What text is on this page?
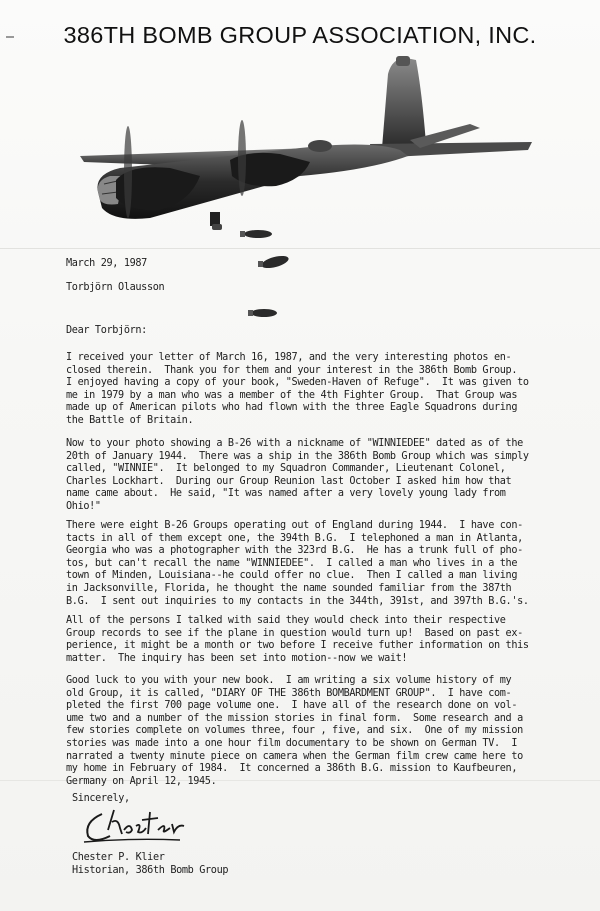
386TH BOMB GROUP ASSOCIATION, INC.
March 29, 1987
Torbjörn Olausson
Dear Torbjörn:
I received your letter of March 16, 1987, and the very interesting photos en-
closed therein.  Thank you for them and your interest in the 386th Bomb Group.
I enjoyed having a copy of your book, "Sweden-Haven of Refuge".  It was given to
me in 1979 by a man who was a member of the 4th Fighter Group.  That Group was
made up of American pilots who had flown with the three Eagle Squadrons during
the Battle of Britain.
Now to your photo showing a B-26 with a nickname of "WINNIEDEE" dated as of the
20th of January 1944.  There was a ship in the 386th Bomb Group which was simply
called, "WINNIE".  It belonged to my Squadron Commander, Lieutenant Colonel,
Charles Lockhart.  During our Group Reunion last October I asked him how that
name came about.  He said, "It was named after a very lovely young lady from
Ohio!"
There were eight B-26 Groups operating out of England during 1944.  I have con-
tacts in all of them except one, the 394th B.G.  I telephoned a man in Atlanta,
Georgia who was a photographer with the 323rd B.G.  He has a trunk full of pho-
tos, but can't recall the name "WINNIEDEE".  I called a man who lives in a the
town of Minden, Louisiana--he could offer no clue.  Then I called a man living
in Jacksonville, Florida, he thought the name sounded familiar from the 387th
B.G.  I sent out inquiries to my contacts in the 344th, 391st, and 397th B.G.'s.
All of the persons I talked with said they would check into their respective
Group records to see if the plane in question would turn up!  Based on past ex-
perience, it might be a month or two before I receive futher information on this
matter.  The inquiry has been set into motion--now we wait!
Good luck to you with your new book.  I am writing a six volume history of my
old Group, it is called, "DIARY OF THE 386th BOMBARDMENT GROUP".  I have com-
pleted the first 700 page volume one.  I have all of the research done on vol-
ume two and a number of the mission stories in final form.  Some research and a
few stories complete on volumes three, four , five, and six.  One of my mission
stories was made into a one hour film documentary to be shown on German TV.  I
narrated a twenty minute piece on camera when the German film crew came here to
my home in February of 1984.  It concerned a 386th B.G. mission to Kaufbeuren,
Germany on April 12, 1945.
Sincerely,
Chester P. Klier
Historian, 386th Bomb Group
